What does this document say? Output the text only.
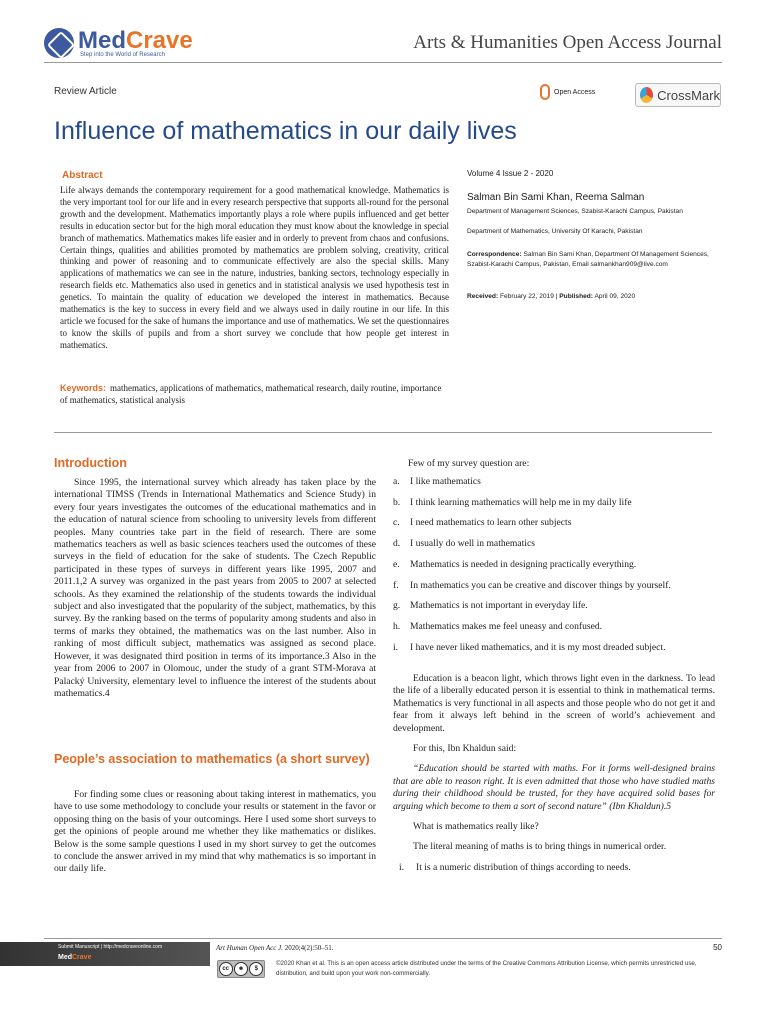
MedCrave
Step into the World of Research
Arts & Humanities Open Access Journal
Review Article	Open Access	CrossMark
Influence of mathematics in our daily lives
Abstract
Life always demands the contemporary requirement for a good mathematical knowledge. Mathematics is the very important tool for our life and in every research perspective that supports all-round for the personal growth and the development. Mathematics importantly plays a role where pupils influenced and get better results in education sector but for the high moral education they must know about the knowledge in special branch of mathematics. Mathematics makes life easier and in orderly to prevent from chaos and confusions. Certain things, qualities and abilities promoted by mathematics are problem solving, creativity, critical thinking and power of reasoning and to communicate effectively are also the special skills. Many applications of mathematics we can see in the nature, industries, banking sectors, technology especially in research fields etc. Mathematics also used in genetics and in statistical analysis we used hypothesis test in genetics. To maintain the quality of education we developed the interest in mathematics. Because mathematics is the key to success in every field and we always used in daily routine in our life. In this article we focused for the sake of humans the importance and use of mathematics. We set the questionnaires to know the skills of pupils and from a short survey we conclude that how people get interest in mathematics.
Keywords: mathematics, applications of mathematics, mathematical research, daily routine, importance of mathematics, statistical analysis
Volume 4 Issue 2 - 2020
Salman Bin Sami Khan, Reema Salman
Department of Management Sciences, Szabist-Karachi Campus, Pakistan
Department of Mathematics, University Of Karachi, Pakistan
Correspondence: Salman Bin Sami Khan, Department Of Management Sciences, Szabist-Karachi Campus, Pakistan, Email salmankhan909@live.com
Received: February 22, 2019 | Published: April 09, 2020
Introduction

Since 1995, the international survey which already has taken place by the international TIMSS (Trends in International Mathematics and Science Study) in every four years investigates the outcomes of the educational mathematics and in the education of natural science from schooling to university levels from different peoples. Many countries take part in the field of research. There are some mathematics teachers as well as basic sciences teachers used the outcomes of these surveys in the field of education for the sake of students. The Czech Republic participated in these types of surveys in different years like 1995, 2007 and 2011.1,2 A survey was organized in the past years from 2005 to 2007 at selected schools. As they examined the relationship of the students towards the individual subject and also investigated that the popularity of the subject, mathematics, by this survey. By the ranking based on the terms of popularity among students and also in terms of marks they obtained, the mathematics was on the last number. Also in ranking of most difficult subject, mathematics was assigned as second place. However, it was designated third position in terms of its importance.3 Also in the year from 2006 to 2007 in Olomouc, under the study of a grant STM-Morava at Palacký University, elementary level to influence the interest of the students about mathematics.4

People’s association to mathematics (a short survey)

For finding some clues or reasoning about taking interest in mathematics, you have to use some methodology to conclude your results or statement in the favor or opposing thing on the basis of your outcomings. Here I used some short surveys to get the opinions of people around me whether they like mathematics or dislikes. Below is the some sample questions I used in my short survey to get the outcomes to conclude the answer arrived in my mind that why mathematics is so important in our daily life.

Few of my survey question are:
a.	I like mathematics
b.	I think learning mathematics will help me in my daily life
c.	I need mathematics to learn other subjects
d.	I usually do well in mathematics
e.	Mathematics is needed in designing practically everything.
f.	In mathematics you can be creative and discover things by yourself.
g.	Mathematics is not important in everyday life.
h.	Mathematics makes me feel uneasy and confused.
i.	I have never liked mathematics, and it is my most dreaded subject.

Education is a beacon light, which throws light even in the darkness. To lead the life of a liberally educated person it is essential to think in mathematical terms. Mathematics is very functional in all aspects and those people who do not get it and fear from it always left behind in the screen of world’s achievement and development.

For this, Ibn Khaldun said:

“Education should be started with maths. For it forms well-designed brains that are able to reason right. It is even admitted that those who have studied maths during their childhood should be trusted, for they have acquired solid bases for arguing which become to them a sort of second nature” (Ibn Khaldun).5

What is mathematics really like?

The literal meaning of maths is to bring things in numerical order.

i.	It is a numeric distribution of things according to needs.
Submit Manuscript | http://medcraveonline.com
MedCrave
Art Human Open Acc J. 2020;4(2):50‒51.	50
cc	☻	$
©2020 Khan et al. This is an open access article distributed under the terms of the Creative Commons Attribution License, which permits unrestricted use, distribution, and build upon your work non-commercially.
